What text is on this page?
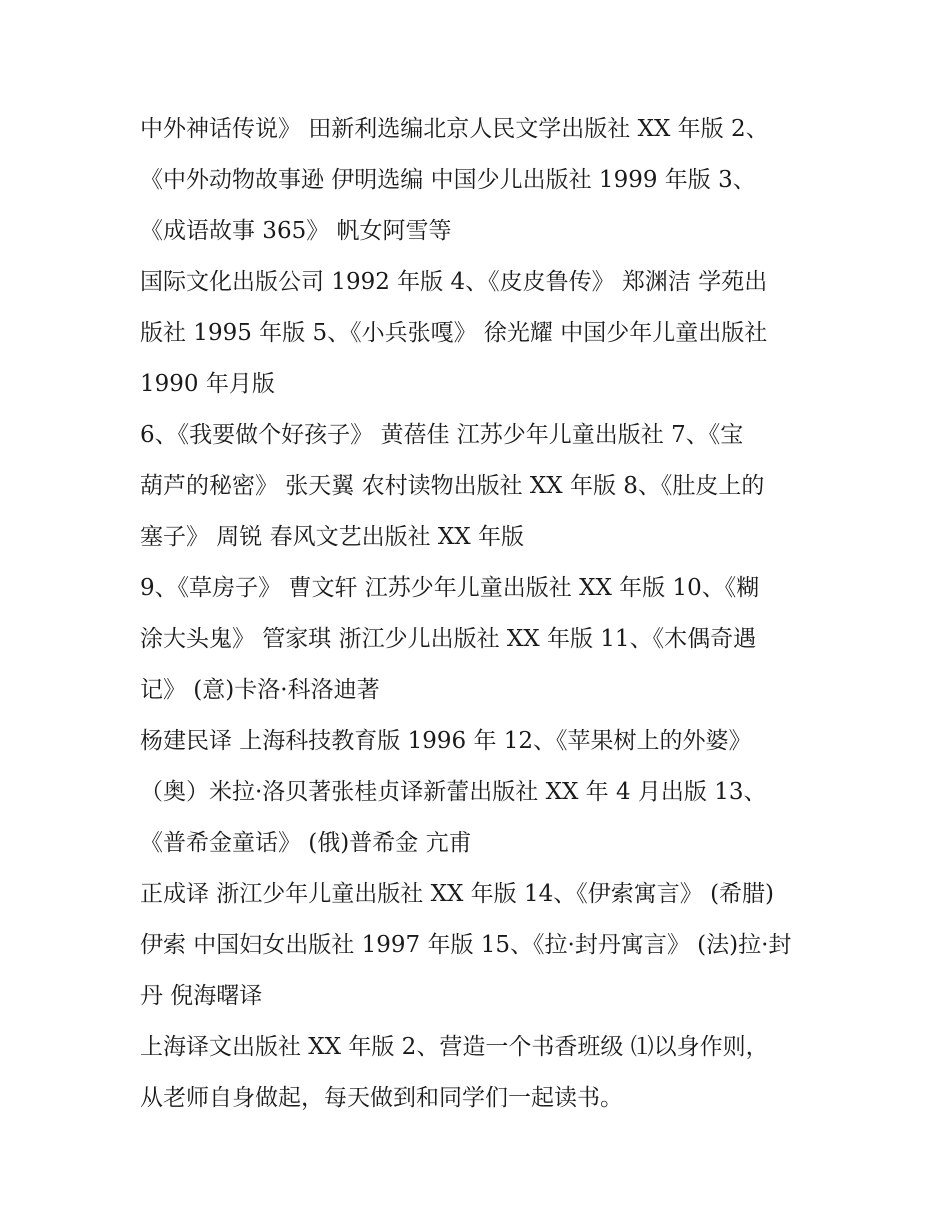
中外神话传说》 田新利选编北京人民文学出版社 XX 年版 2、
《中外动物故事逊 伊明选编 中国少儿出版社 1999 年版 3、
《成语故事 365》 帆女阿雪等
国际文化出版公司 1992 年版 4、《皮皮鲁传》 郑渊洁 学苑出
版社 1995 年版 5、《小兵张嘎》 徐光耀 中国少年儿童出版社
1990 年月版
6、《我要做个好孩子》 黄蓓佳 江苏少年儿童出版社 7、《宝
葫芦的秘密》 张天翼 农村读物出版社 XX 年版 8、《肚皮上的
塞子》 周锐 春风文艺出版社 XX 年版
9、《草房子》 曹文轩 江苏少年儿童出版社 XX 年版 10、《糊
涂大头鬼》 管家琪 浙江少儿出版社 XX 年版 11、《木偶奇遇
记》 (意)卡洛·科洛迪著
杨建民译 上海科技教育版 1996 年 12、《苹果树上的外婆》
（奥）米拉·洛贝著张桂贞译新蕾出版社 XX 年 4 月出版 13、
《普希金童话》 (俄)普希金 亢甫
正成译 浙江少年儿童出版社 XX 年版 14、《伊索寓言》 (希腊)
伊索 中国妇女出版社 1997 年版 15、《拉·封丹寓言》 (法)拉·封
丹 倪海曙译
上海译文出版社 XX 年版 2、营造一个书香班级 ⑴以身作则，
从老师自身做起，每天做到和同学们一起读书。
